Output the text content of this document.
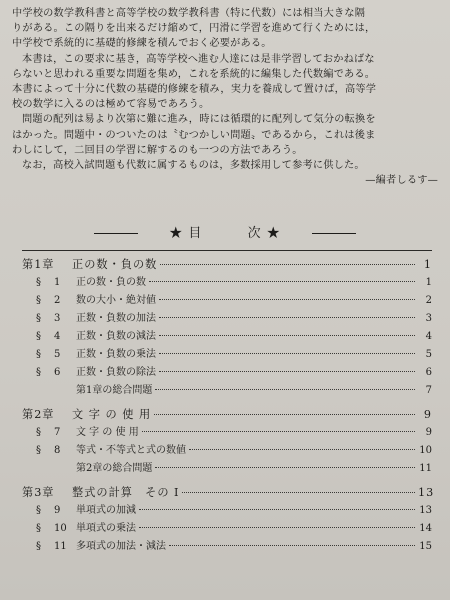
中学校の数学教科書と高等学校の数学教科書（特に代数）には相当大きな隔

りがある。この隔りを出来るだけ縮めて，円滑に学習を進めて行くためには，

中学校で系統的に基礎的修練を積んでおく必要がある。

本書は，この要求に基き，高等学校へ進む人達には是非学習しておかねばな

らないと思われる重要な問題を集め，これを系統的に編集した代数編である。

本書によって十分に代数の基礎的修練を積み，実力を養成して置けば，高等学

校の数学に入るのは極めて容易であろう。

問題の配列は易より次第に難に進み，時には循環的に配列して気分の転換を

はかった。問題中・のついたのは〝むつかしい問題〟であるから，これは後ま

わしにして，二回目の学習に解するのも一つの方法であろう。

なお，高校入試問題も代数に属するものは，多数採用して参考に供した。

—編者しるす—

★ 目	次 ★
第1章	正の数・負の数	1
§	1	正の数・負の数	1
§	2	数の大小・絶対値	2
§	3	正数・負数の加法	3
§	4	正数・負数の減法	4
§	5	正数・負数の乗法	5
§	6	正数・負数の除法	6
第1章の総合問題	7
第2章	文 字 の 使 用	9
§	7	文 字 の 使 用	9
§	8	等式・不等式と式の数値	10
第2章の総合問題	11
第3章	整式の計算　その I	13
§	9	単項式の加減	13
§	10 単項式の乗法	14
§	11 多項式の加法・減法	15
